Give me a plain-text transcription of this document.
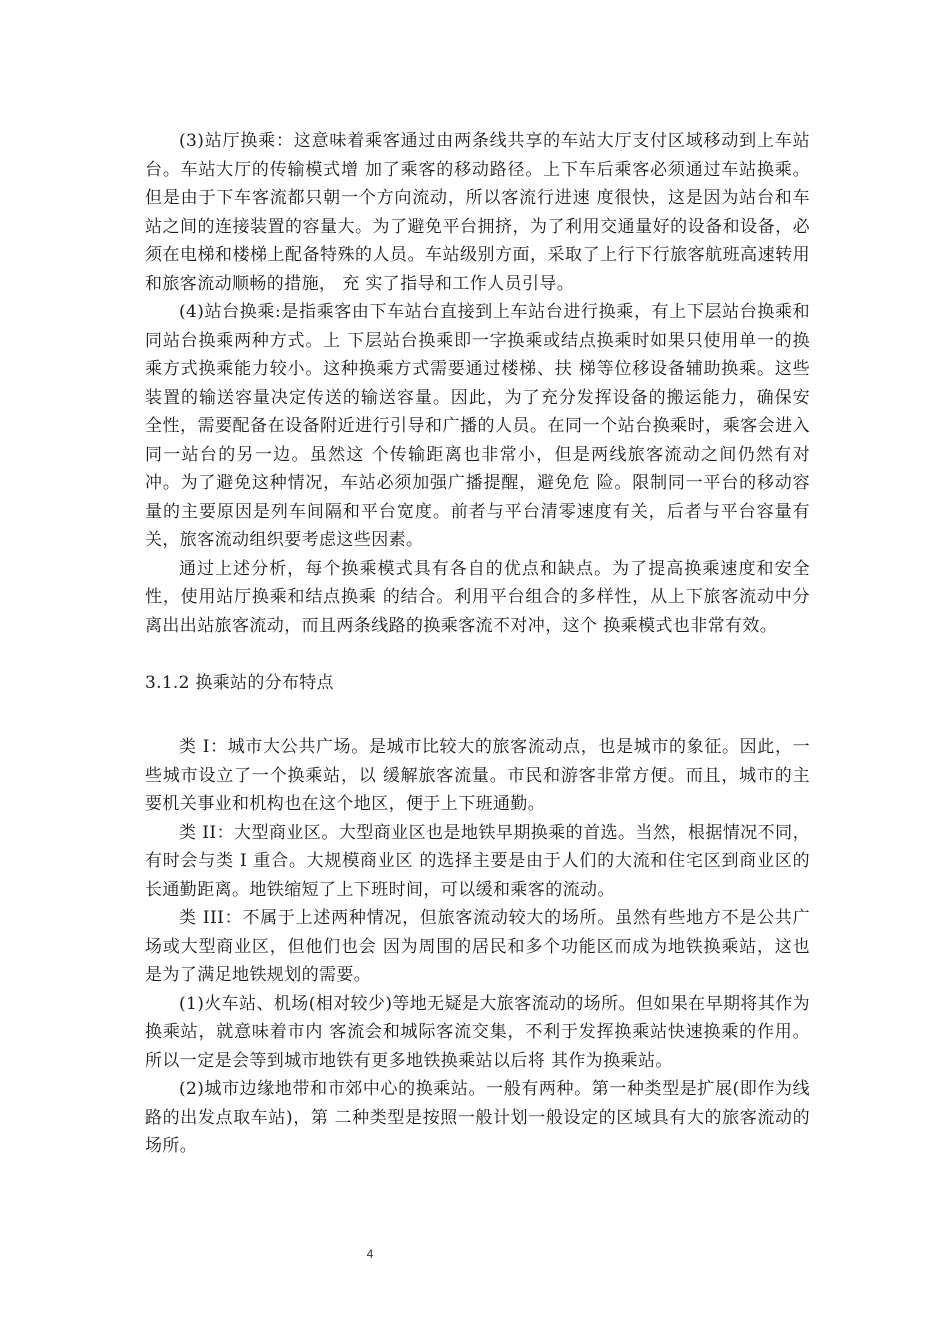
(3)站厅换乘：这意味着乘客通过由两条线共享的车站大厅支付区域移动到上车站台。车站大厅的传输模式增 加了乘客的移动路径。上下车后乘客必须通过车站换乘。但是由于下车客流都只朝一个方向流动，所以客流行进速 度很快，这是因为站台和车站之间的连接装置的容量大。为了避免平台拥挤，为了利用交通量好的设备和设备，必 须在电梯和楼梯上配备特殊的人员。车站级别方面，采取了上行下行旅客航班高速转用和旅客流动顺畅的措施， 充 实了指导和工作人员引导。

(4)站台换乘:是指乘客由下车站台直接到上车站台进行换乘，有上下层站台换乘和同站台换乘两种方式。上 下层站台换乘即一字换乘或结点换乘时如果只使用单一的换乘方式换乘能力较小。这种换乘方式需要通过楼梯、扶 梯等位移设备辅助换乘。这些装置的输送容量决定传送的输送容量。因此，为了充分发挥设备的搬运能力，确保安 全性，需要配备在设备附近进行引导和广播的人员。在同一个站台换乘时，乘客会进入同一站台的另一边。虽然这 个传输距离也非常小，但是两线旅客流动之间仍然有对冲。为了避免这种情况，车站必须加强广播提醒，避免危 险。限制同一平台的移动容量的主要原因是列车间隔和平台宽度。前者与平台清零速度有关，后者与平台容量有 关，旅客流动组织要考虑这些因素。

通过上述分析，每个换乘模式具有各自的优点和缺点。为了提高换乘速度和安全性，使用站厅换乘和结点换乘 的结合。利用平台组合的多样性，从上下旅客流动中分离出出站旅客流动，而且两条线路的换乘客流不对冲，这个 换乘模式也非常有效。

3.1.2 换乘站的分布特点

类 I：城市大公共广场。是城市比较大的旅客流动点，也是城市的象征。因此，一些城市设立了一个换乘站，以 缓解旅客流量。市民和游客非常方便。而且，城市的主要机关事业和机构也在这个地区，便于上下班通勤。

类 II：大型商业区。大型商业区也是地铁早期换乘的首选。当然，根据情况不同，有时会与类 I 重合。大规模商业区 的选择主要是由于人们的大流和住宅区到商业区的长通勤距离。地铁缩短了上下班时间，可以缓和乘客的流动。

类 III：不属于上述两种情况，但旅客流动较大的场所。虽然有些地方不是公共广场或大型商业区，但他们也会 因为周围的居民和多个功能区而成为地铁换乘站，这也是为了满足地铁规划的需要。

(1)火车站、机场(相对较少)等地无疑是大旅客流动的场所。但如果在早期将其作为换乘站，就意味着市内 客流会和城际客流交集，不利于发挥换乘站快速换乘的作用。所以一定是会等到城市地铁有更多地铁换乘站以后将 其作为换乘站。

(2)城市边缘地带和市郊中心的换乘站。一般有两种。第一种类型是扩展(即作为线路的出发点取车站)，第 二种类型是按照一般计划一般设定的区域具有大的旅客流动的场所。

4
